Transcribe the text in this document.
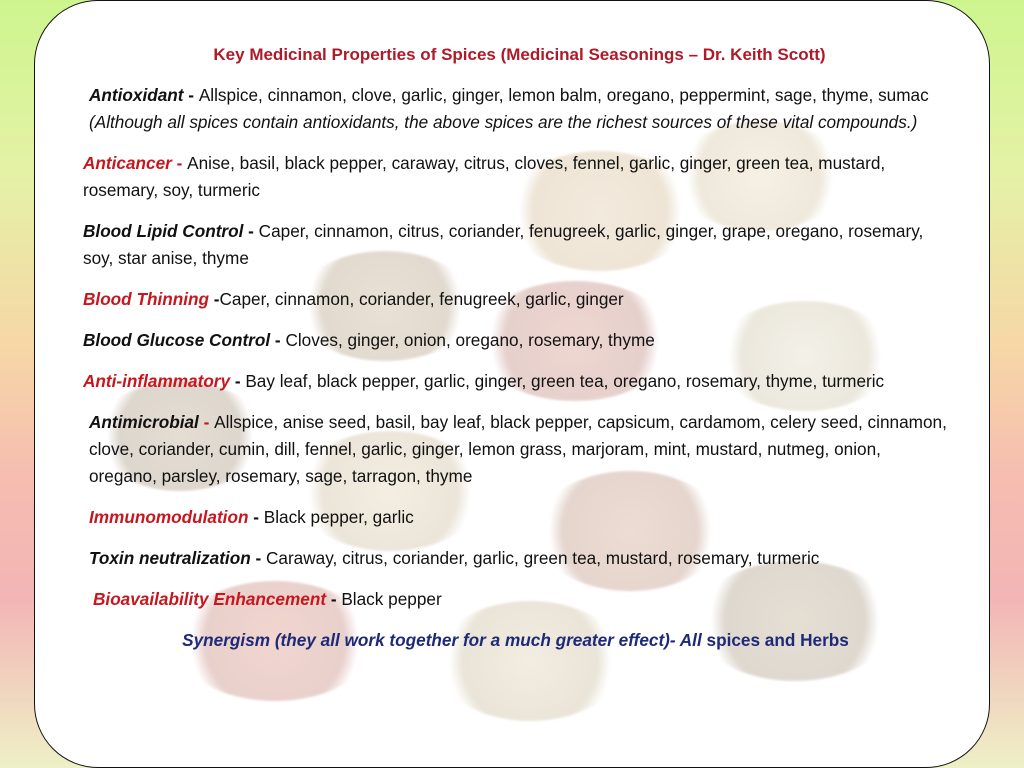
Key Medicinal Properties of Spices (Medicinal Seasonings – Dr. Keith Scott)
Antioxidant - Allspice, cinnamon, clove, garlic, ginger, lemon balm, oregano, peppermint, sage, thyme, sumac (Although all spices contain antioxidants, the above spices are the richest sources of these vital compounds.)
Anticancer - Anise, basil, black pepper, caraway, citrus, cloves, fennel, garlic, ginger, green tea, mustard, rosemary, soy, turmeric
Blood Lipid Control - Caper, cinnamon, citrus, coriander, fenugreek, garlic, ginger, grape, oregano, rosemary, soy, star anise, thyme
Blood Thinning -Caper, cinnamon, coriander, fenugreek, garlic, ginger
Blood Glucose Control - Cloves, ginger, onion, oregano, rosemary, thyme
Anti-inflammatory - Bay leaf, black pepper, garlic, ginger, green tea, oregano, rosemary, thyme, turmeric
Antimicrobial - Allspice, anise seed, basil, bay leaf, black pepper, capsicum, cardamom, celery seed, cinnamon, clove, coriander, cumin, dill, fennel, garlic, ginger, lemon grass, marjoram, mint, mustard, nutmeg, onion, oregano, parsley, rosemary, sage, tarragon, thyme
Immunomodulation - Black pepper, garlic
Toxin neutralization - Caraway, citrus, coriander, garlic, green tea, mustard, rosemary, turmeric
Bioavailability Enhancement - Black pepper
Synergism (they all work together for a much greater effect)- All spices and Herbs
